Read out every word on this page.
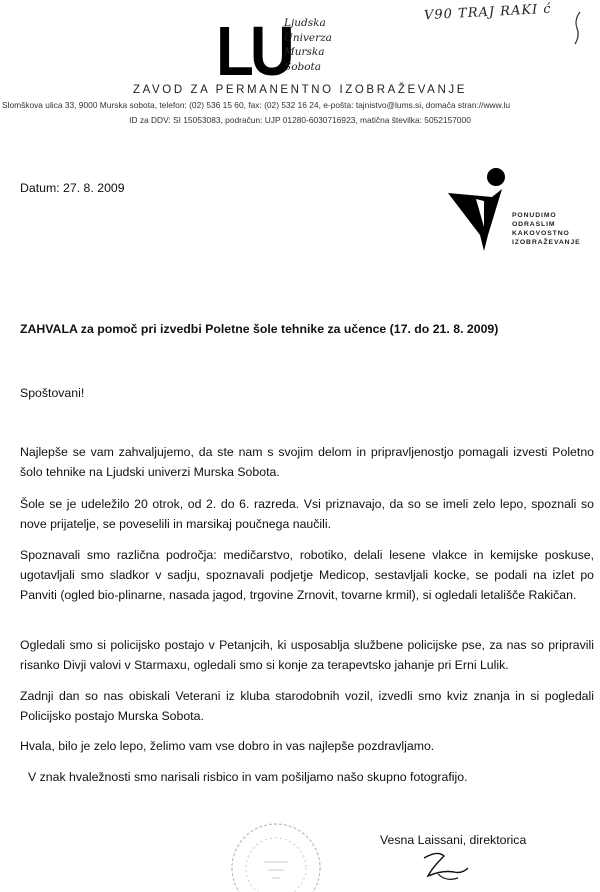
LU
Ljudska
Univerza
Murska
Sobota
ZAVOD ZA PERMANENTNO IZOBRAŽEVANJE
Slomškova ulica 33, 9000 Murska sobota, telefon: (02) 536 15 60, fax: (02) 532 16 24, e-pošta: tajnistvo@lums.si, domača stran://www.lu
ID za DDV: SI 15053083, podračun: UJP 01280-6030716923, matična številka: 5052157000
V90 TRAJ RAKI ć
PONUDIMO
ODRASLIM
KAKOVOSTNO
IZOBRAŽEVANJE
Datum: 27. 8. 2009
ZAHVALA za pomoč pri izvedbi Poletne šole tehnike za učence (17. do 21. 8. 2009)
Spoštovani!
Najlepše se vam zahvaljujemo, da ste nam s svojim delom in pripravljenostjo pomagali izvesti Poletno šolo tehnike na Ljudski univerzi Murska Sobota.
Šole se je udeležilo 20 otrok, od 2. do 6. razreda. Vsi priznavajo, da so se imeli zelo lepo, spoznali so nove prijatelje, se poveselili in marsikaj poučnega naučili.
Spoznavali smo različna področja: medičarstvo, robotiko, delali lesene vlakce in kemijske poskuse, ugotavljali smo sladkor v sadju, spoznavali podjetje Medicop, sestavljali kocke, se podali na izlet po Panviti (ogled bio-plinarne, nasada jagod, trgovine Zrnovit, tovarne krmil), si ogledali letališče Rakičan.
Ogledali smo si policijsko postajo v Petanjcih, ki usposablja službene policijske pse, za nas so pripravili risanko Divji valovi v Starmaxu, ogledali smo si konje za terapevtsko jahanje pri Erni Lulik.
Zadnji dan so nas obiskali Veterani iz kluba starodobnih vozil, izvedli smo kviz znanja in si pogledali Policijsko postajo Murska Sobota.
Hvala, bilo je zelo lepo, želimo vam vse dobro in vas najlepše pozdravljamo.
V znak hvaležnosti smo narisali risbico in vam pošiljamo našo skupno fotografijo.
Vesna Laissani, direktorica
